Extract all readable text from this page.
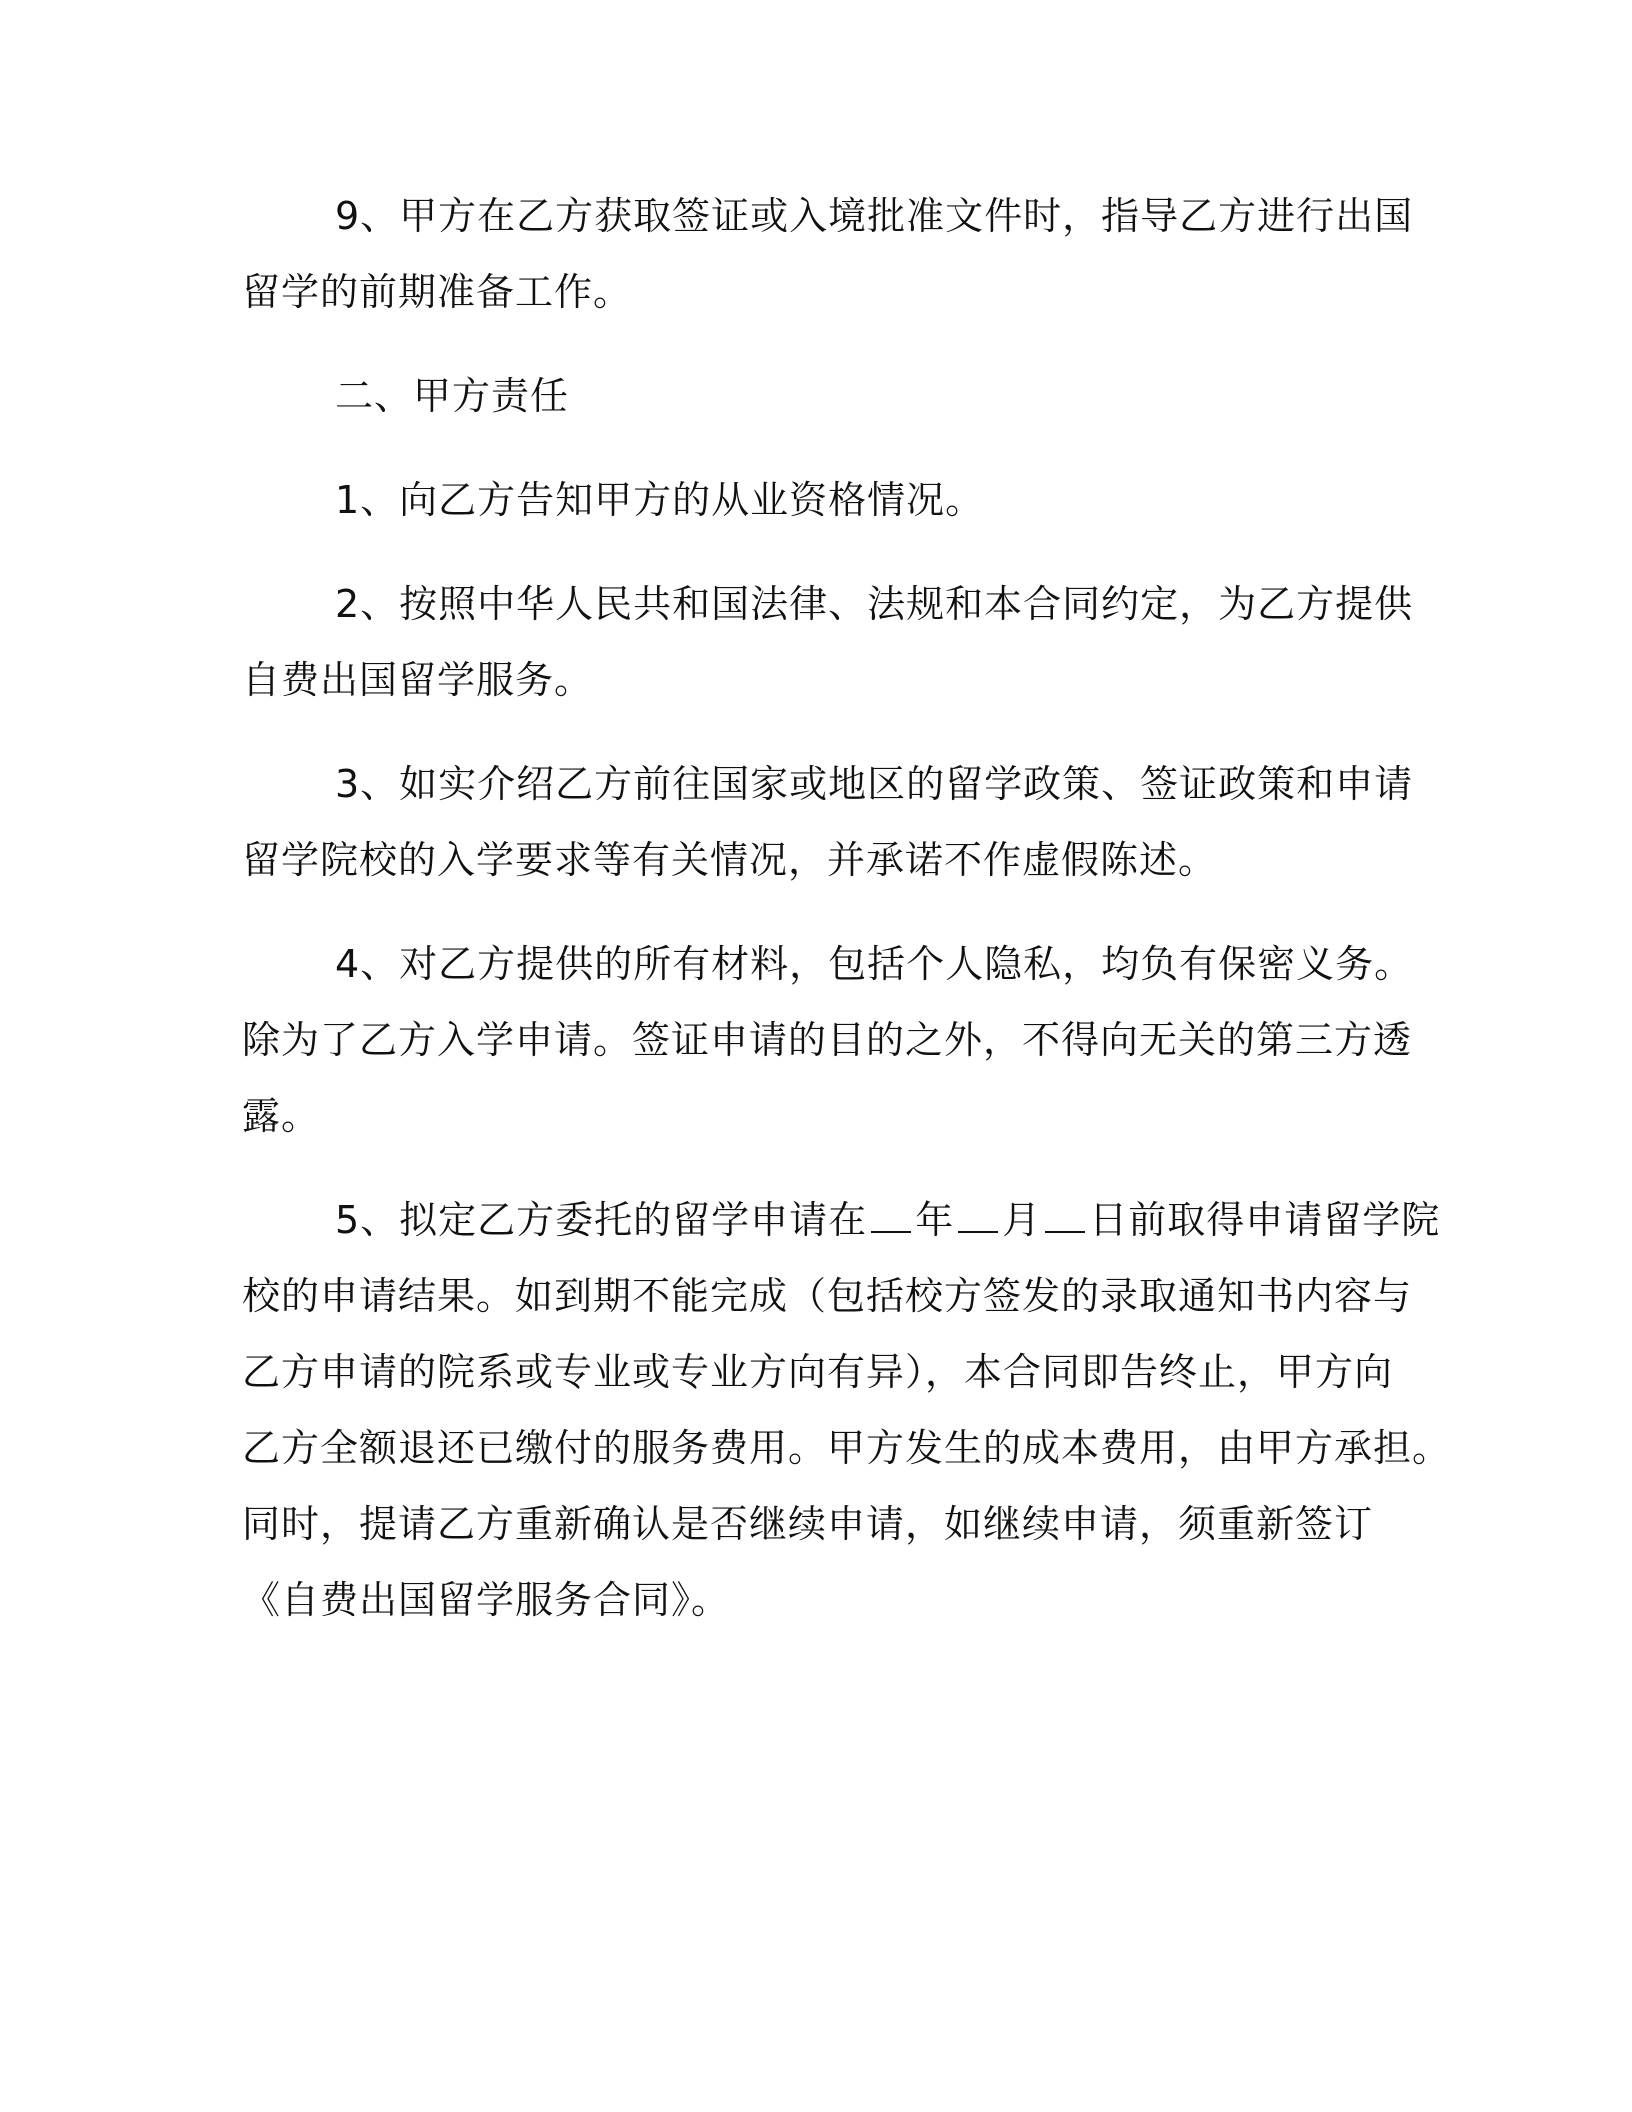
9、甲方在乙方获取签证或入境批准文件时，指导乙方进行出国
留学的前期准备工作。
二、甲方责任
1、向乙方告知甲方的从业资格情况。
2、按照中华人民共和国法律、法规和本合同约定，为乙方提供
自费出国留学服务。
3、如实介绍乙方前往国家或地区的留学政策、签证政策和申请
留学院校的入学要求等有关情况，并承诺不作虚假陈述。
4、对乙方提供的所有材料，包括个人隐私，均负有保密义务。
除为了乙方入学申请。签证申请的目的之外，不得向无关的第三方透
露。
5、拟定乙方委托的留学申请在 年 月 日前取得申请留学院
校的申请结果。如到期不能完成（包括校方签发的录取通知书内容与
乙方申请的院系或专业或专业方向有异），本合同即告终止，甲方向
乙方全额退还已缴付的服务费用。甲方发生的成本费用，由甲方承担。
同时，提请乙方重新确认是否继续申请，如继续申请，须重新签订
《自费出国留学服务合同》。
